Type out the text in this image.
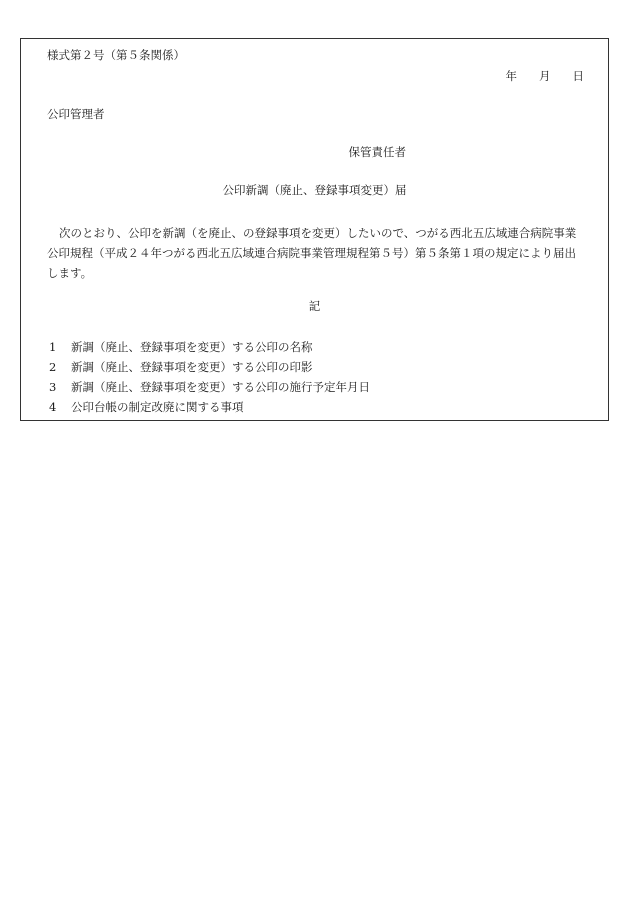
様式第２号（第５条関係）
年 月 日
公印管理者
保管責任者
公印新調（廃止、登録事項変更）届
次のとおり、公印を新調（を廃止、の登録事項を変更）したいので、つがる西北五広域連合病院事業公印規程（平成２４年つがる西北五広域連合病院事業管理規程第５号）第５条第１項の規定により届出します。
記
1 新調（廃止、登録事項を変更）する公印の名称
2 新調（廃止、登録事項を変更）する公印の印影
3 新調（廃止、登録事項を変更）する公印の施行予定年月日
4 公印台帳の制定改廃に関する事項
